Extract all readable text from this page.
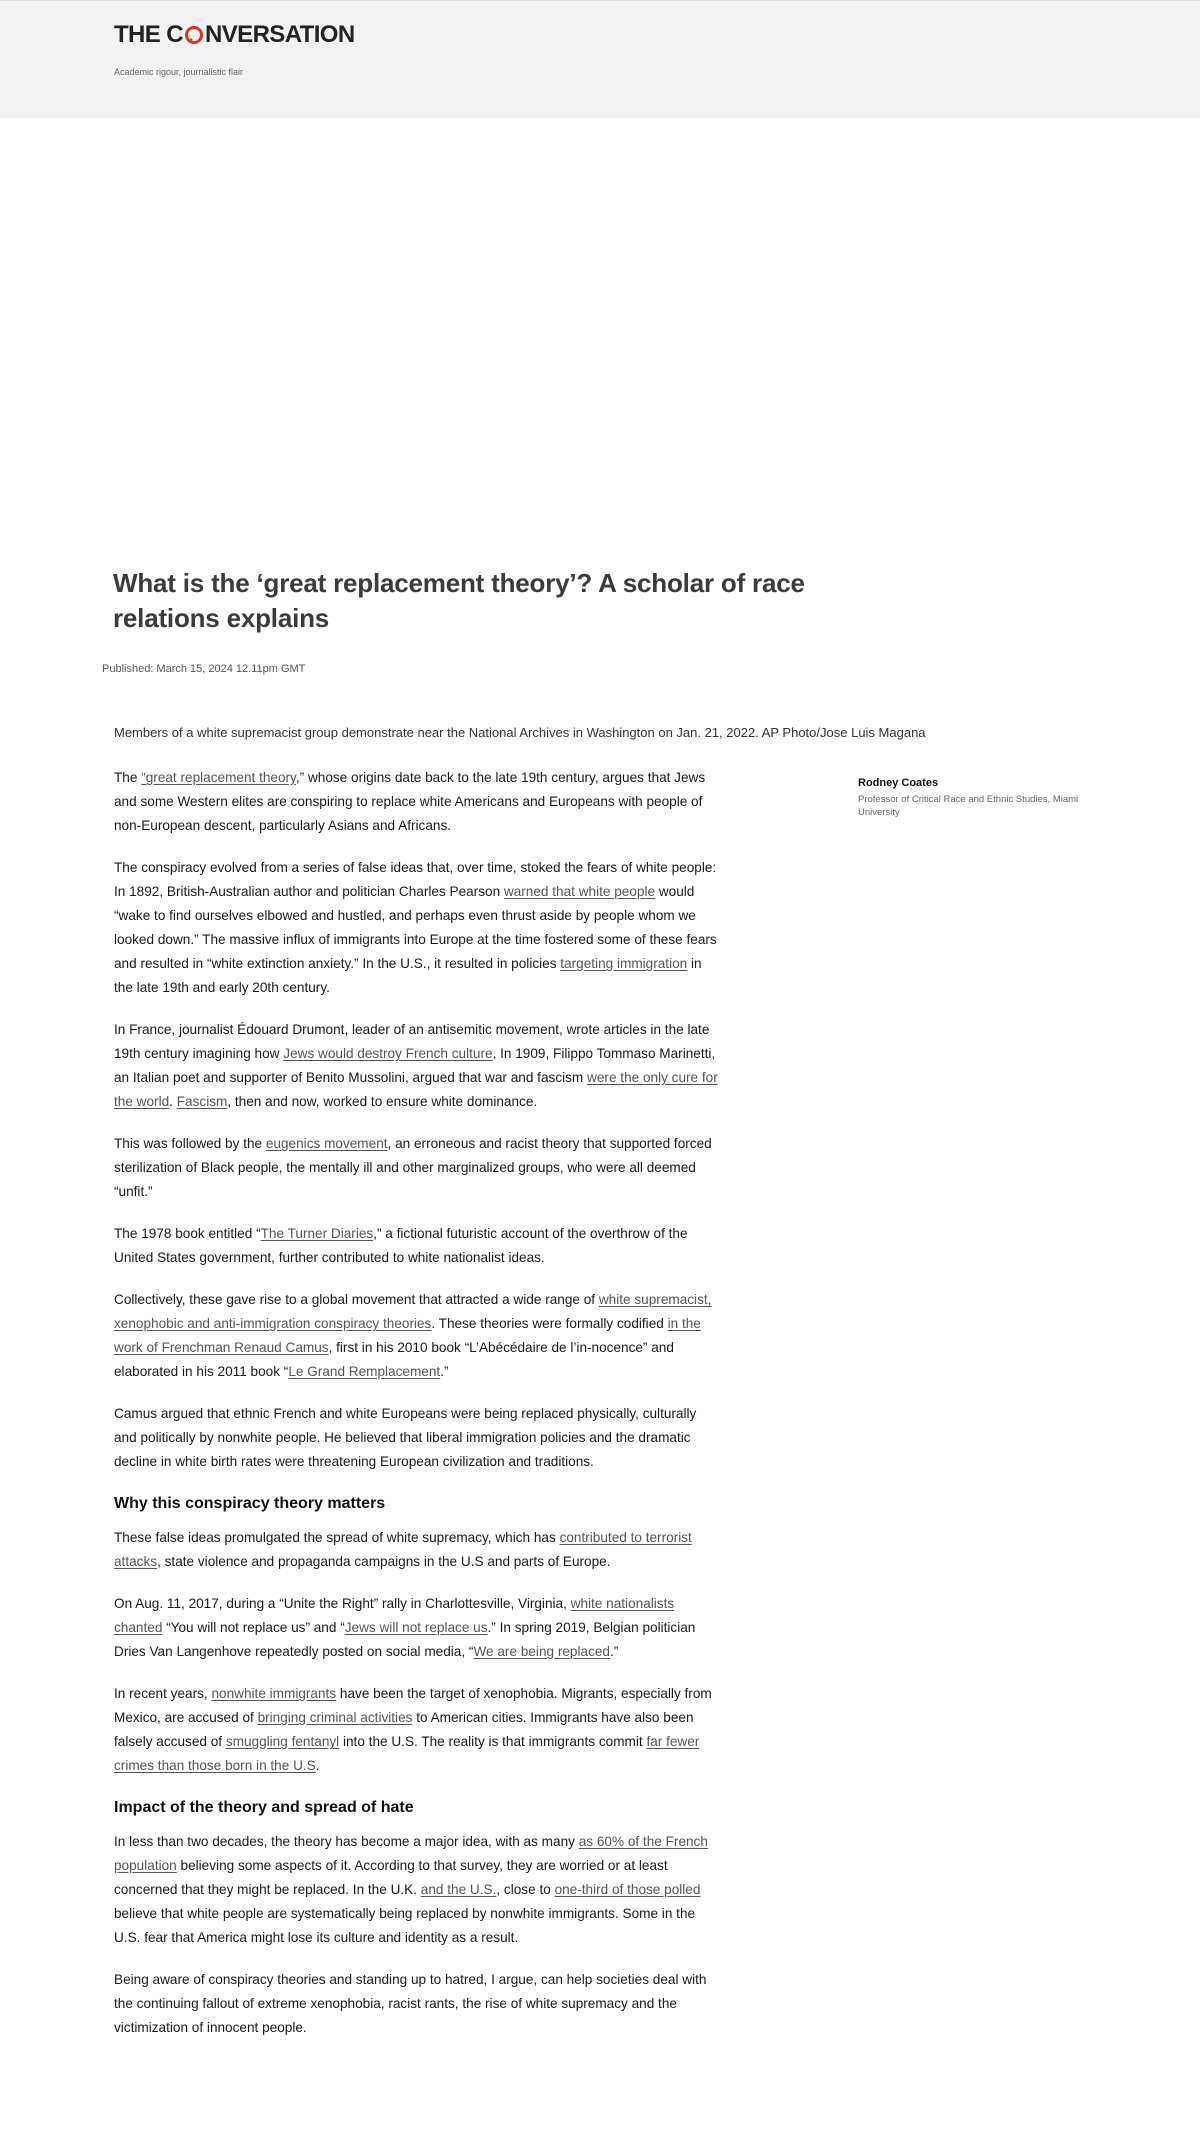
THE C NVERSATION
Academic rigour, journalistic flair
What is the ‘great replacement theory’? A scholar of race relations explains
Published: March 15, 2024 12.11pm GMT
Members of a white supremacist group demonstrate near the National Archives in Washington on Jan. 21, 2022. AP Photo/Jose Luis Magana
Rodney Coates
Professor of Critical Race and Ethnic Studies, Miami University

The “great replacement theory,” whose origins date back to the late 19th century, argues that Jews and some Western elites are conspiring to replace white Americans and Europeans with people of non-European descent, particularly Asians and Africans.

The conspiracy evolved from a series of false ideas that, over time, stoked the fears of white people: In 1892, British-Australian author and politician Charles Pearson warned that white people would “wake to find ourselves elbowed and hustled, and perhaps even thrust aside by people whom we looked down.” The massive influx of immigrants into Europe at the time fostered some of these fears and resulted in “white extinction anxiety.” In the U.S., it resulted in policies targeting immigration in the late 19th and early 20th century.

In France, journalist Édouard Drumont, leader of an antisemitic movement, wrote articles in the late 19th century imagining how Jews would destroy French culture. In 1909, Filippo Tommaso Marinetti, an Italian poet and supporter of Benito Mussolini, argued that war and fascism were the only cure for the world. Fascism, then and now, worked to ensure white dominance.

This was followed by the eugenics movement, an erroneous and racist theory that supported forced sterilization of Black people, the mentally ill and other marginalized groups, who were all deemed “unfit.”

The 1978 book entitled “The Turner Diaries,” a fictional futuristic account of the overthrow of the United States government, further contributed to white nationalist ideas.

Collectively, these gave rise to a global movement that attracted a wide range of white supremacist, xenophobic and anti-immigration conspiracy theories. These theories were formally codified in the work of Frenchman Renaud Camus, first in his 2010 book “L’Abécédaire de l’in-nocence” and elaborated in his 2011 book “Le Grand Remplacement.”

Camus argued that ethnic French and white Europeans were being replaced physically, culturally and politically by nonwhite people. He believed that liberal immigration policies and the dramatic decline in white birth rates were threatening European civilization and traditions.

Why this conspiracy theory matters

These false ideas promulgated the spread of white supremacy, which has contributed to terrorist attacks, state violence and propaganda campaigns in the U.S and parts of Europe.

On Aug. 11, 2017, during a “Unite the Right” rally in Charlottesville, Virginia, white nationalists chanted “You will not replace us” and “Jews will not replace us.” In spring 2019, Belgian politician Dries Van Langenhove repeatedly posted on social media, “We are being replaced.”

In recent years, nonwhite immigrants have been the target of xenophobia. Migrants, especially from Mexico, are accused of bringing criminal activities to American cities. Immigrants have also been falsely accused of smuggling fentanyl into the U.S. The reality is that immigrants commit far fewer crimes than those born in the U.S.

Impact of the theory and spread of hate

In less than two decades, the theory has become a major idea, with as many as 60% of the French population believing some aspects of it. According to that survey, they are worried or at least concerned that they might be replaced. In the U.K. and the U.S., close to one-third of those polled believe that white people are systematically being replaced by nonwhite immigrants. Some in the U.S. fear that America might lose its culture and identity as a result.

Being aware of conspiracy theories and standing up to hatred, I argue, can help societies deal with the continuing fallout of extreme xenophobia, racist rants, the rise of white supremacy and the victimization of innocent people.
